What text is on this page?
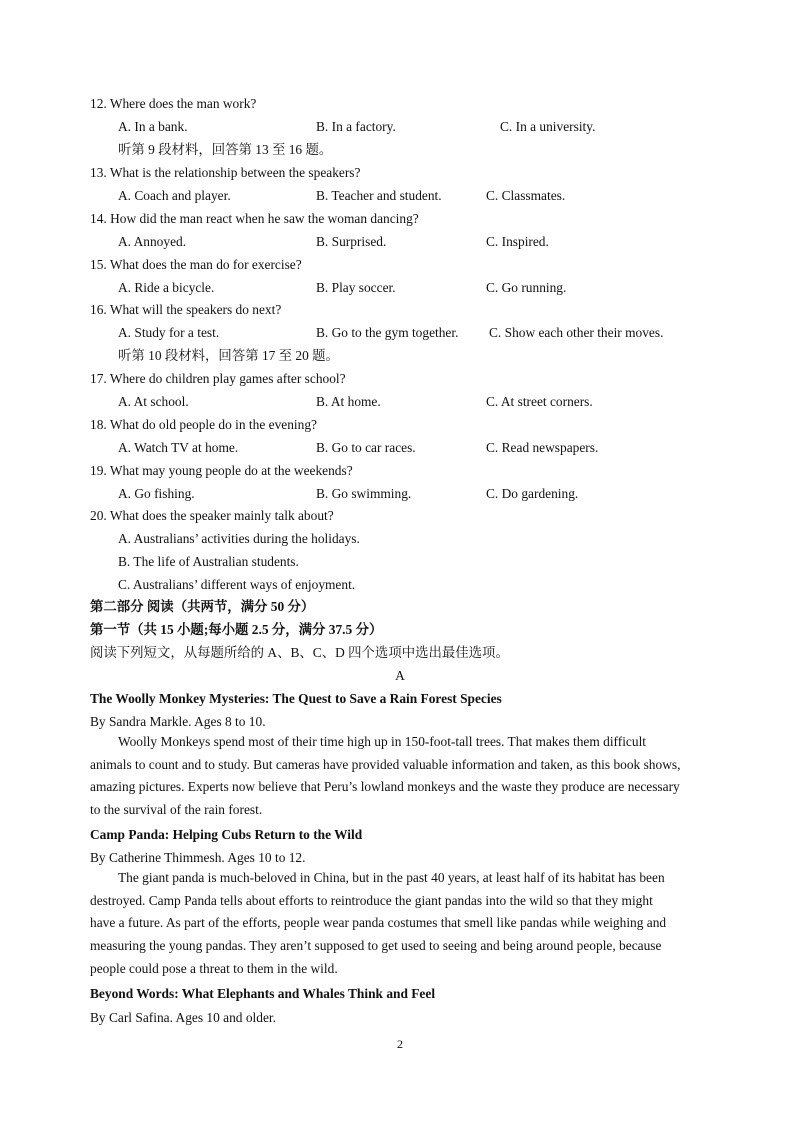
12. Where does the man work?
A. In a bank.	B. In a factory.	C. In a university.
听第 9 段材料，回答第 13 至 16 题。
13. What is the relationship between the speakers?
A. Coach and player.	B. Teacher and student.	C. Classmates.
14. How did the man react when he saw the woman dancing?
A. Annoyed.	B. Surprised.	C. Inspired.
15. What does the man do for exercise?
A. Ride a bicycle.	B. Play soccer.	C. Go running.
16. What will the speakers do next?
A. Study for a test.	B. Go to the gym together. C. Show each other their moves.
听第 10 段材料，回答第 17 至 20 题。
17. Where do children play games after school?
A. At school.	B. At home.	C. At street corners.
18. What do old people do in the evening?
A. Watch TV at home.	B. Go to car races.	C. Read newspapers.
19. What may young people do at the weekends?
A. Go fishing.	B. Go swimming.	C. Do gardening.
20. What does the speaker mainly talk about?
A. Australians’ activities during the holidays.
B. The life of Australian students.
C. Australians’ different ways of enjoyment.
第二部分 阅读（共两节，满分 50 分）
第一节（共 15 小题;每小题 2.5 分，满分 37.5 分）
阅读下列短文，从每题所给的 A、B、C、D 四个选项中选出最佳选项。
A
The Woolly Monkey Mysteries: The Quest to Save a Rain Forest Species
By Sandra Markle. Ages 8 to 10.
Woolly Monkeys spend most of their time high up in 150-foot-tall trees. That makes them difficult
animals to count and to study. But cameras have provided valuable information and taken, as this book shows,
amazing pictures. Experts now believe that Peru’s lowland monkeys and the waste they produce are necessary
to the survival of the rain forest.
Camp Panda: Helping Cubs Return to the Wild
By Catherine Thimmesh. Ages 10 to 12.
The giant panda is much-beloved in China, but in the past 40 years, at least half of its habitat has been
destroyed. Camp Panda tells about efforts to reintroduce the giant pandas into the wild so that they might
have a future. As part of the efforts, people wear panda costumes that smell like pandas while weighing and
measuring the young pandas. They aren’t supposed to get used to seeing and being around people, because
people could pose a threat to them in the wild.
Beyond Words: What Elephants and Whales Think and Feel
By Carl Safina. Ages 10 and older.
2
